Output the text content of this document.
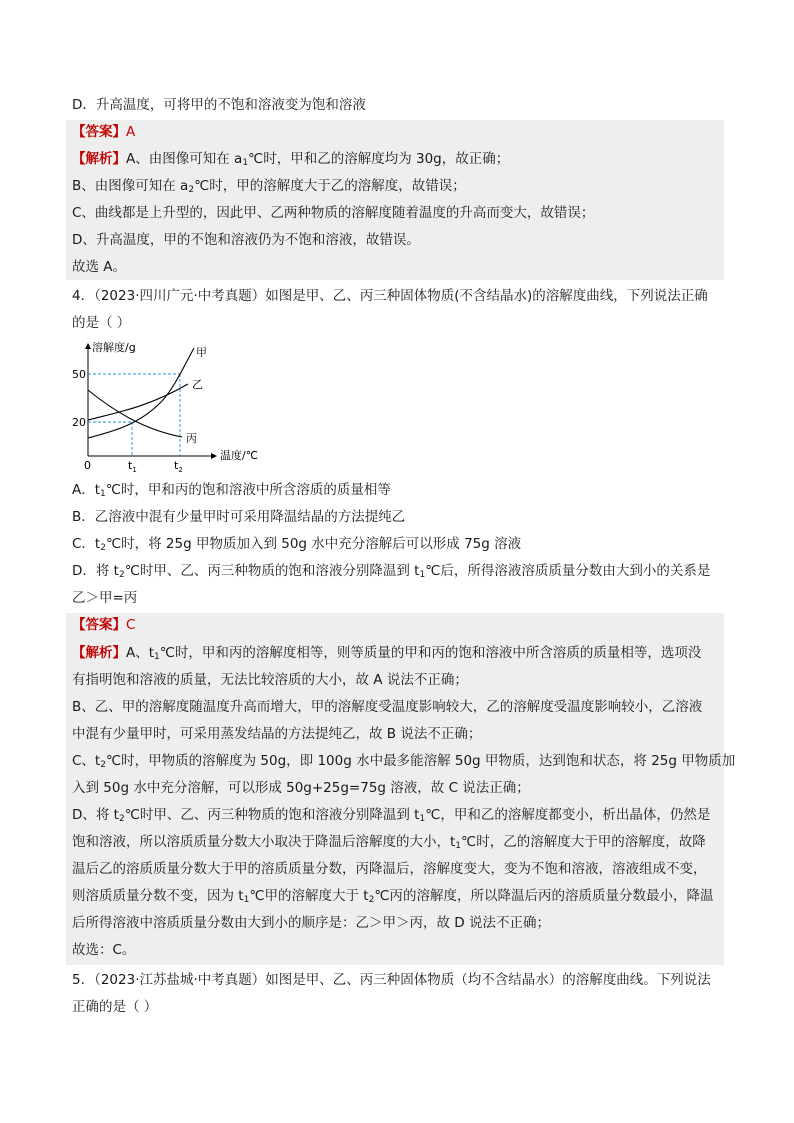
D．升高温度，可将甲的不饱和溶液变为饱和溶液
【答案】A
【解析】A、由图像可知在 $a_1℃$时，甲和乙的溶解度均为 30g，故正确；
B、由图像可知在 $a_2℃$时，甲的溶解度大于乙的溶解度，故错误；
C、曲线都是上升型的，因此甲、乙两种物质的溶解度随着温度的升高而变大，故错误；
D、升高温度，甲的不饱和溶液仍为不饱和溶液，故错误。
故选 A。
4．（2023·四川广元·中考真题）如图是甲、乙、丙三种固体物质(不含结晶水)的溶解度曲线，下列说法正确
的是（ ）
溶解度/g
温度/℃
0
50
20
甲
乙
丙
$t_1$	$t_2$
A．$t_1℃$时，甲和丙的饱和溶液中所含溶质的质量相等
B．乙溶液中混有少量甲时可采用降温结晶的方法提纯乙
C．$t_2℃$时，将 25g 甲物质加入到 50g 水中充分溶解后可以形成 75g 溶液
D．将 $t_2℃$时甲、乙、丙三种物质的饱和溶液分别降温到 $t_1℃$后，所得溶液溶质质量分数由大到小的关系是
乙＞甲=丙
【答案】C
【解析】A、$t_1℃$时，甲和丙的溶解度相等，则等质量的甲和丙的饱和溶液中所含溶质的质量相等，选项没
有指明饱和溶液的质量，无法比较溶质的大小，故 A 说法不正确；
B、乙、甲的溶解度随温度升高而增大，甲的溶解度受温度影响较大，乙的溶解度受温度影响较小，乙溶液
中混有少量甲时，可采用蒸发结晶的方法提纯乙，故 B 说法不正确；
C、$t_2℃$时，甲物质的溶解度为 50g，即 100g 水中最多能溶解 50g 甲物质，达到饱和状态，将 25g 甲物质加
入到 50g 水中充分溶解，可以形成 50g+25g=75g 溶液，故 C 说法正确；
D、将 $t_2℃$时甲、乙、丙三种物质的饱和溶液分别降温到 $t_1℃$，甲和乙的溶解度都变小，析出晶体，仍然是
饱和溶液，所以溶质质量分数大小取决于降温后溶解度的大小，$t_1℃$时，乙的溶解度大于甲的溶解度，故降
温后乙的溶质质量分数大于甲的溶质质量分数，丙降温后，溶解度变大，变为不饱和溶液，溶液组成不变，
则溶质质量分数不变，因为 $t_1℃$甲的溶解度大于 $t_2℃$丙的溶解度，所以降温后丙的溶质质量分数最小，降温
后所得溶液中溶质质量分数由大到小的顺序是：乙＞甲＞丙，故 D 说法不正确；
故选：C。
5．（2023·江苏盐城·中考真题）如图是甲、乙、丙三种固体物质（均不含结晶水）的溶解度曲线。下列说法
正确的是（ ）
